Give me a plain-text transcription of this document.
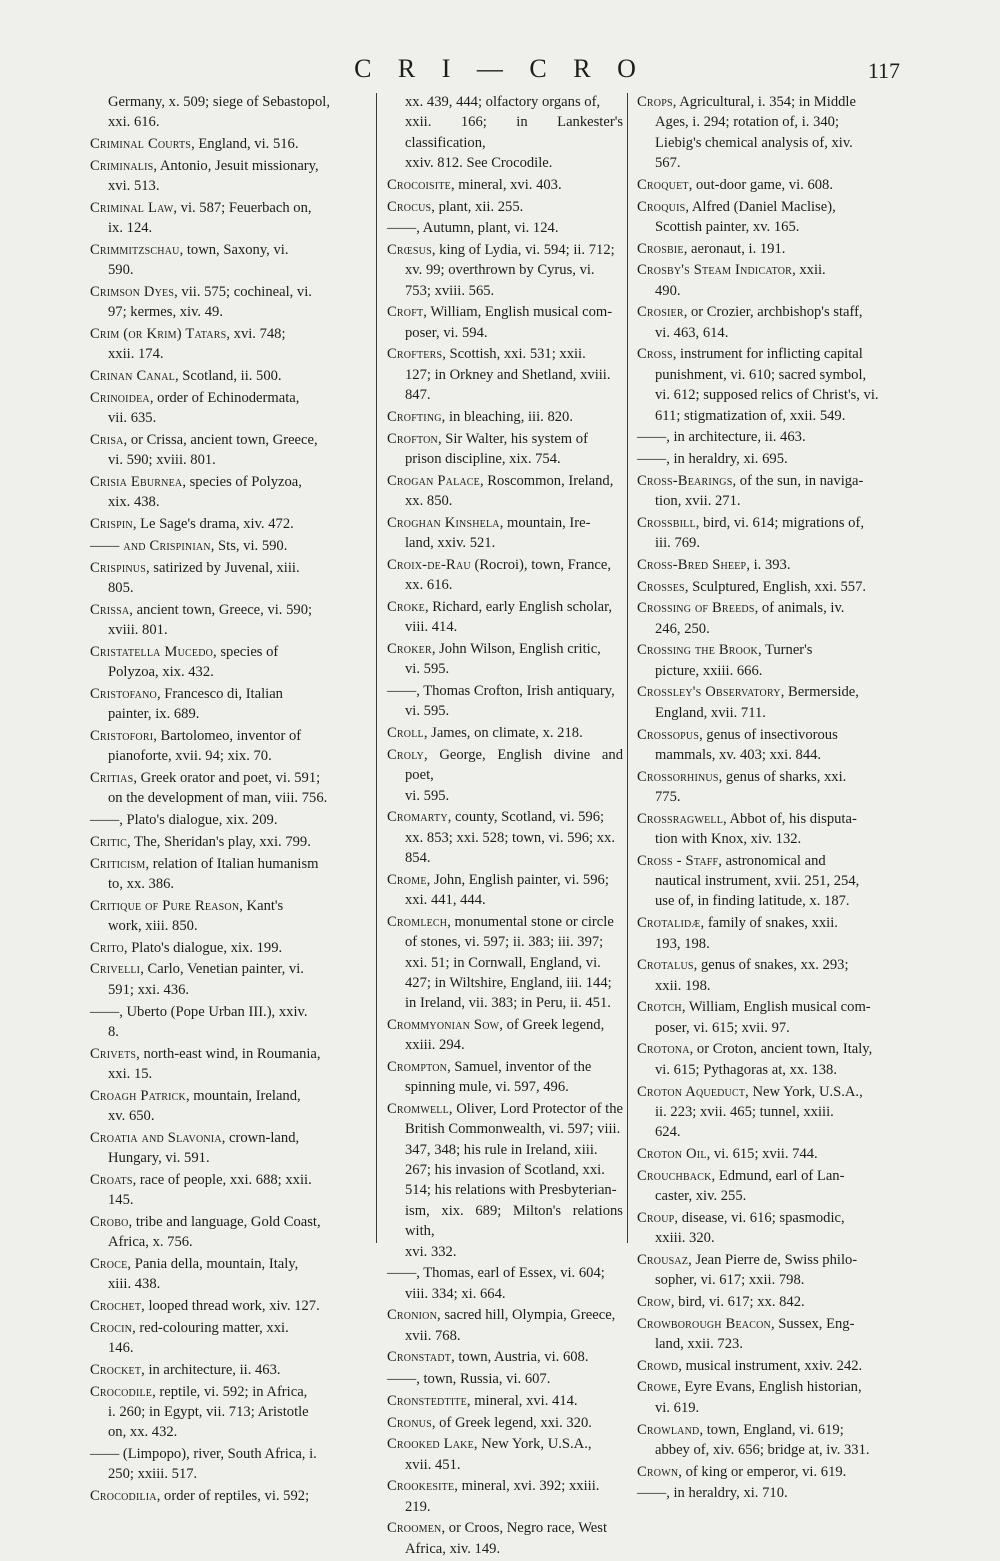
C R I — C R O	117
Germany, x. 509; siege of Sebastopol,
xxi. 616.
Criminal Courts, England, vi. 516.
Criminalis, Antonio, Jesuit missionary,
xvi. 513.
Criminal Law, vi. 587; Feuerbach on,
ix. 124.
Crimmitzschau, town, Saxony, vi.
590.
Crimson Dyes, vii. 575; cochineal, vi.
97; kermes, xiv. 49.
Crim (or Krim) Tatars, xvi. 748;
xxii. 174.
Crinan Canal, Scotland, ii. 500.
Crinoidea, order of Echinodermata,
vii. 635.
Crisa, or Crissa, ancient town, Greece,
vi. 590; xviii. 801.
Crisia Eburnea, species of Polyzoa,
xix. 438.
Crispin, Le Sage's drama, xiv. 472.
—— and Crispinian, Sts, vi. 590.
Crispinus, satirized by Juvenal, xiii.
805.
Crissa, ancient town, Greece, vi. 590;
xviii. 801.
Cristatella Mucedo, species of
Polyzoa, xix. 432.
Cristofano, Francesco di, Italian
painter, ix. 689.
Cristofori, Bartolomeo, inventor of
pianoforte, xvii. 94; xix. 70.
Critias, Greek orator and poet, vi. 591;
on the development of man, viii. 756.
——, Plato's dialogue, xix. 209.
Critic, The, Sheridan's play, xxi. 799.
Criticism, relation of Italian humanism
to, xx. 386.
Critique of Pure Reason, Kant's
work, xiii. 850.
Crito, Plato's dialogue, xix. 199.
Crivelli, Carlo, Venetian painter, vi.
591; xxi. 436.
——, Uberto (Pope Urban III.), xxiv.
8.
Crivets, north-east wind, in Roumania,
xxi. 15.
Croagh Patrick, mountain, Ireland,
xv. 650.
Croatia and Slavonia, crown-land,
Hungary, vi. 591.
Croats, race of people, xxi. 688; xxii.
145.
Crobo, tribe and language, Gold Coast,
Africa, x. 756.
Croce, Pania della, mountain, Italy,
xiii. 438.
Crochet, looped thread work, xiv. 127.
Crocin, red-colouring matter, xxi.
146.
Crocket, in architecture, ii. 463.
Crocodile, reptile, vi. 592; in Africa,
i. 260; in Egypt, vii. 713; Aristotle
on, xx. 432.
—— (Limpopo), river, South Africa, i.
250; xxiii. 517.
Crocodilia, order of reptiles, vi. 592;
xx. 439, 444; olfactory organs of,
xxii. 166; in Lankester's classification,
xxiv. 812. See Crocodile.
Crocoisite, mineral, xvi. 403.
Crocus, plant, xii. 255.
——, Autumn, plant, vi. 124.
Crœsus, king of Lydia, vi. 594; ii. 712;
xv. 99; overthrown by Cyrus, vi.
753; xviii. 565.
Croft, William, English musical com-
poser, vi. 594.
Crofters, Scottish, xxi. 531; xxii.
127; in Orkney and Shetland, xviii.
847.
Crofting, in bleaching, iii. 820.
Crofton, Sir Walter, his system of
prison discipline, xix. 754.
Crogan Palace, Roscommon, Ireland,
xx. 850.
Croghan Kinshela, mountain, Ire-
land, xxiv. 521.
Croix-de-Rau (Rocroi), town, France,
xx. 616.
Croke, Richard, early English scholar,
viii. 414.
Croker, John Wilson, English critic,
vi. 595.
——, Thomas Crofton, Irish antiquary,
vi. 595.
Croll, James, on climate, x. 218.
Croly, George, English divine and poet,
vi. 595.
Cromarty, county, Scotland, vi. 596;
xx. 853; xxi. 528; town, vi. 596; xx.
854.
Crome, John, English painter, vi. 596;
xxi. 441, 444.
Cromlech, monumental stone or circle
of stones, vi. 597; ii. 383; iii. 397;
xxi. 51; in Cornwall, England, vi.
427; in Wiltshire, England, iii. 144;
in Ireland, vii. 383; in Peru, ii. 451.
Crommyonian Sow, of Greek legend,
xxiii. 294.
Crompton, Samuel, inventor of the
spinning mule, vi. 597, 496.
Cromwell, Oliver, Lord Protector of the
British Commonwealth, vi. 597; viii.
347, 348; his rule in Ireland, xiii.
267; his invasion of Scotland, xxi.
514; his relations with Presbyterian-
ism, xix. 689; Milton's relations with,
xvi. 332.
——, Thomas, earl of Essex, vi. 604;
viii. 334; xi. 664.
Cronion, sacred hill, Olympia, Greece,
xvii. 768.
Cronstadt, town, Austria, vi. 608.
——, town, Russia, vi. 607.
Cronstedtite, mineral, xvi. 414.
Cronus, of Greek legend, xxi. 320.
Crooked Lake, New York, U.S.A.,
xvii. 451.
Crookesite, mineral, xvi. 392; xxiii.
219.
Croomen, or Croos, Negro race, West
Africa, xiv. 149.
Crops, Agricultural, i. 354; in Middle
Ages, i. 294; rotation of, i. 340;
Liebig's chemical analysis of, xiv.
567.
Croquet, out-door game, vi. 608.
Croquis, Alfred (Daniel Maclise),
Scottish painter, xv. 165.
Crosbie, aeronaut, i. 191.
Crosby's Steam Indicator, xxii.
490.
Crosier, or Crozier, archbishop's staff,
vi. 463, 614.
Cross, instrument for inflicting capital
punishment, vi. 610; sacred symbol,
vi. 612; supposed relics of Christ's, vi.
611; stigmatization of, xxii. 549.
——, in architecture, ii. 463.
——, in heraldry, xi. 695.
Cross-Bearings, of the sun, in naviga-
tion, xvii. 271.
Crossbill, bird, vi. 614; migrations of,
iii. 769.
Cross-Bred Sheep, i. 393.
Crosses, Sculptured, English, xxi. 557.
Crossing of Breeds, of animals, iv.
246, 250.
Crossing the Brook, Turner's
picture, xxiii. 666.
Crossley's Observatory, Bermerside,
England, xvii. 711.
Crossopus, genus of insectivorous
mammals, xv. 403; xxi. 844.
Crossorhinus, genus of sharks, xxi.
775.
Crossragwell, Abbot of, his disputa-
tion with Knox, xiv. 132.
Cross - Staff, astronomical and
nautical instrument, xvii. 251, 254,
use of, in finding latitude, x. 187.
Crotalidæ, family of snakes, xxii.
193, 198.
Crotalus, genus of snakes, xx. 293;
xxii. 198.
Crotch, William, English musical com-
poser, vi. 615; xvii. 97.
Crotona, or Croton, ancient town, Italy,
vi. 615; Pythagoras at, xx. 138.
Croton Aqueduct, New York, U.S.A.,
ii. 223; xvii. 465; tunnel, xxiii.
624.
Croton Oil, vi. 615; xvii. 744.
Crouchback, Edmund, earl of Lan-
caster, xiv. 255.
Croup, disease, vi. 616; spasmodic,
xxiii. 320.
Crousaz, Jean Pierre de, Swiss philo-
sopher, vi. 617; xxii. 798.
Crow, bird, vi. 617; xx. 842.
Crowborough Beacon, Sussex, Eng-
land, xxii. 723.
Crowd, musical instrument, xxiv. 242.
Crowe, Eyre Evans, English historian,
vi. 619.
Crowland, town, England, vi. 619;
abbey of, xiv. 656; bridge at, iv. 331.
Crown, of king or emperor, vi. 619.
——, in heraldry, xi. 710.
